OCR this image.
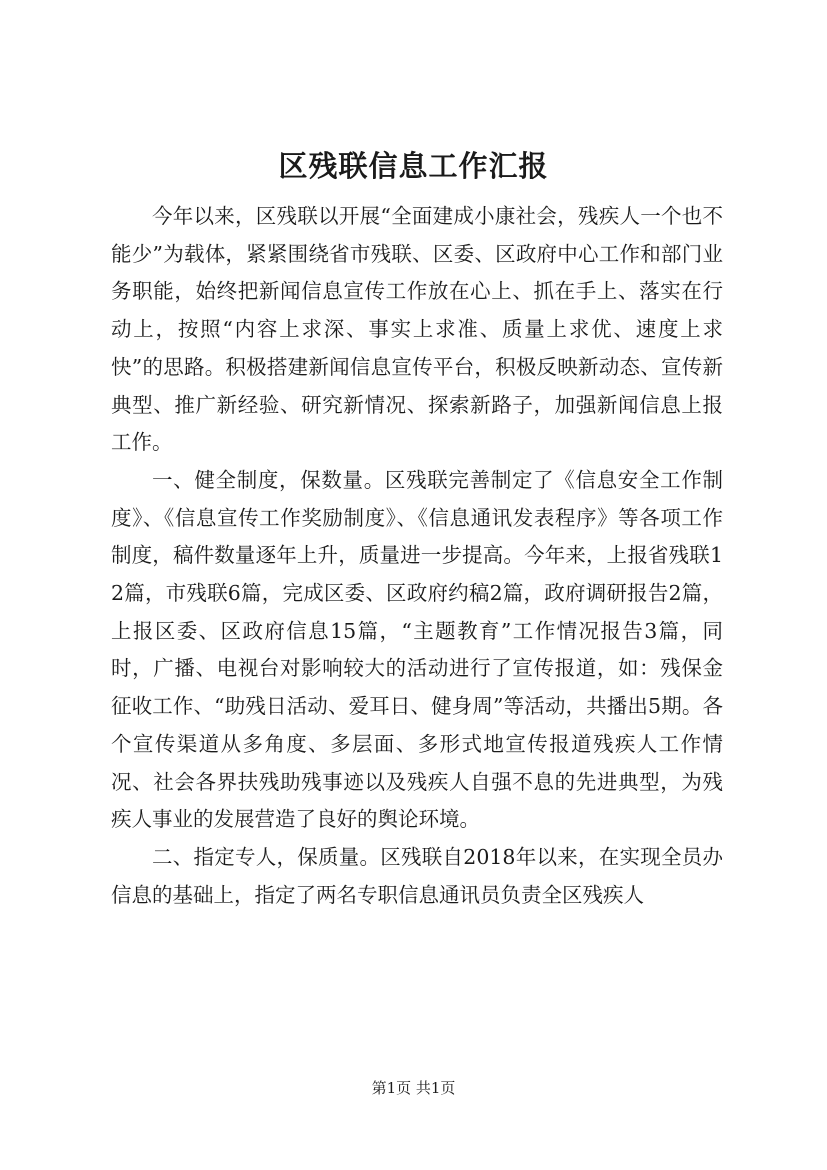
区残联信息工作汇报

今年以来，区残联以开展“全面建成小康社会，残疾人一个也不能少”为载体，紧紧围绕省市残联、区委、区政府中心工作和部门业务职能，始终把新闻信息宣传工作放在心上、抓在手上、落实在行动上，按照“内容上求深、事实上求准、质量上求优、速度上求快”的思路。积极搭建新闻信息宣传平台，积极反映新动态、宣传新典型、推广新经验、研究新情况、探索新路子，加强新闻信息上报工作。

一、健全制度，保数量。区残联完善制定了《信息安全工作制度》、《信息宣传工作奖励制度》、《信息通讯发表程序》等各项工作制度，稿件数量逐年上升，质量进一步提高。今年来，上报省残联12篇，市残联6篇，完成区委、区政府约稿2篇，政府调研报告2篇，上报区委、区政府信息15篇，“主题教育”工作情况报告3篇，同时，广播、电视台对影响较大的活动进行了宣传报道，如：残保金征收工作、“助残日活动、爱耳日、健身周”等活动，共播出5期。各个宣传渠道从多角度、多层面、多形式地宣传报道残疾人工作情况、社会各界扶残助残事迹以及残疾人自强不息的先进典型，为残疾人事业的发展营造了良好的舆论环境。

二、指定专人，保质量。区残联自2018年以来，在实现全员办信息的基础上，指定了两名专职信息通讯员负责全区残疾人

第1页 共1页
